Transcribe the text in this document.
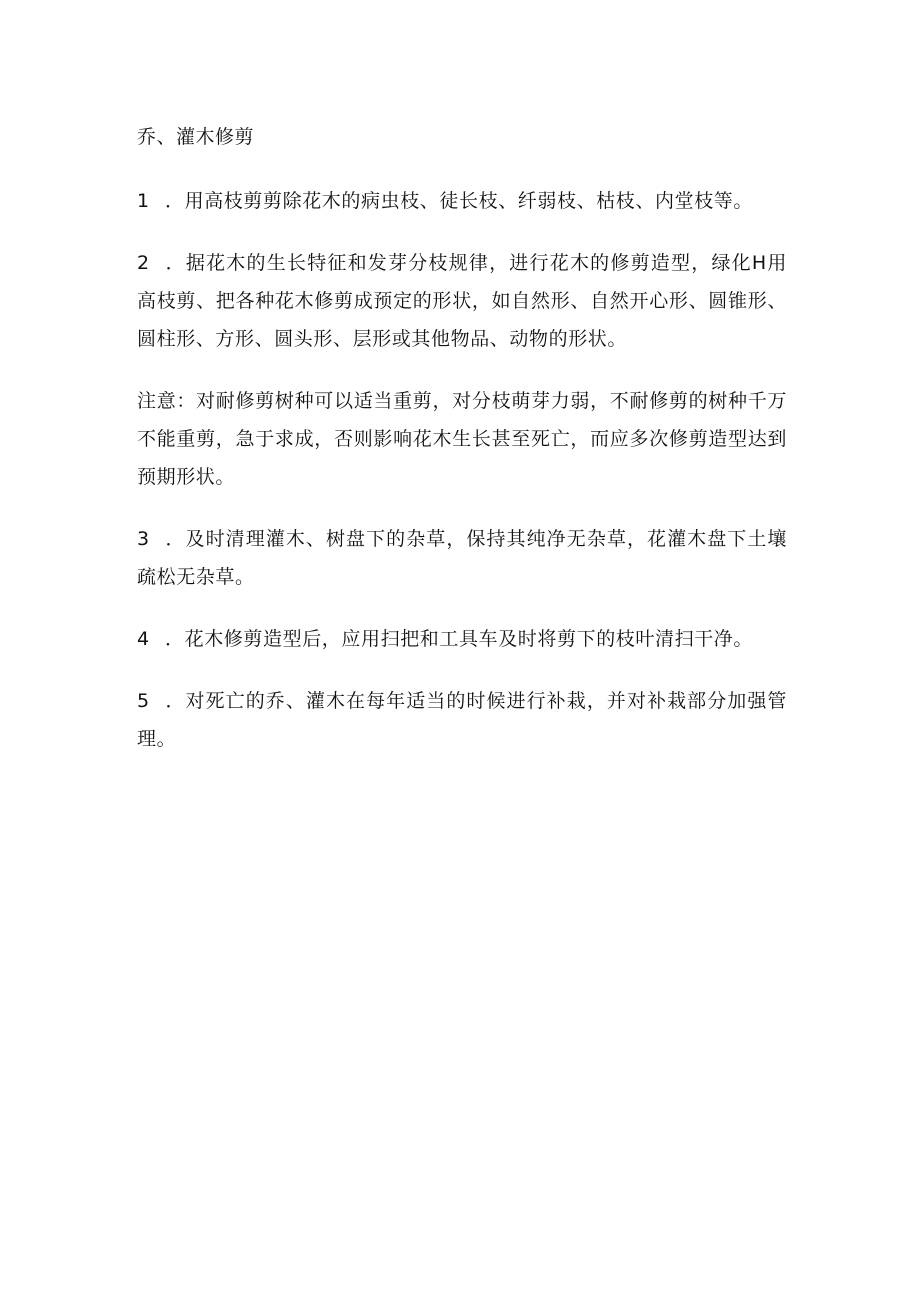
乔、灌木修剪

1 ．用高枝剪剪除花木的病虫枝、徒长枝、纤弱枝、枯枝、内堂枝等。

2 ．据花木的生长特征和发芽分枝规律，进行花木的修剪造型，绿化H用高枝剪、把各种花木修剪成预定的形状，如自然形、自然开心形、圆锥形、圆柱形、方形、圆头形、层形或其他物品、动物的形状。

注意：对耐修剪树种可以适当重剪，对分枝萌芽力弱，不耐修剪的树种千万不能重剪，急于求成，否则影响花木生长甚至死亡，而应多次修剪造型达到预期形状。

3 ．及时清理灌木、树盘下的杂草，保持其纯净无杂草，花灌木盘下土壤疏松无杂草。

4 ．花木修剪造型后，应用扫把和工具车及时将剪下的枝叶清扫干净。

5 ．对死亡的乔、灌木在每年适当的时候进行补栽，并对补栽部分加强管理。
